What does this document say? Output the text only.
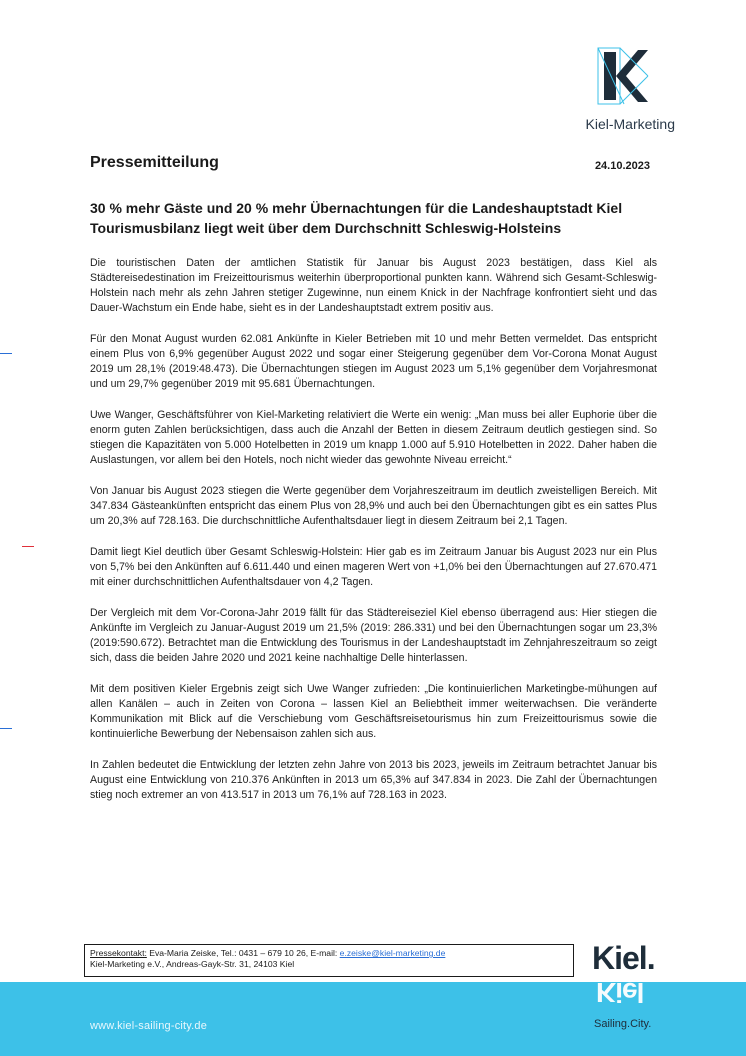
Kiel-Marketing
Pressemitteilung	24.10.2023
30 % mehr Gäste und 20 % mehr Übernachtungen für die Landeshauptstadt Kiel
Tourismusbilanz liegt weit über dem Durchschnitt Schleswig-Holsteins

Die touristischen Daten der amtlichen Statistik für Januar bis August 2023 bestätigen, dass Kiel als Städtereisedestination im Freizeittourismus weiterhin überproportional punkten kann. Während sich Gesamt-Schleswig-Holstein nach mehr als zehn Jahren stetiger Zugewinne, nun einem Knick in der Nachfrage konfrontiert sieht und das Dauer-Wachstum ein Ende habe, sieht es in der Landeshauptstadt extrem positiv aus.

Für den Monat August wurden 62.081 Ankünfte in Kieler Betrieben mit 10 und mehr Betten vermeldet. Das entspricht einem Plus von 6,9% gegenüber August 2022 und sogar einer Steigerung gegenüber dem Vor-Corona Monat August 2019 um 28,1% (2019:48.473). Die Übernachtungen stiegen im August 2023 um 5,1% gegenüber dem Vorjahresmonat und um 29,7% gegenüber 2019 mit 95.681 Übernachtungen.

Uwe Wanger, Geschäftsführer von Kiel-Marketing relativiert die Werte ein wenig: „Man muss bei aller Euphorie über die enorm guten Zahlen berücksichtigen, dass auch die Anzahl der Betten in diesem Zeitraum deutlich gestiegen sind. So stiegen die Kapazitäten von 5.000 Hotelbetten in 2019 um knapp 1.000 auf 5.910 Hotelbetten in 2022. Daher haben die Auslastungen, vor allem bei den Hotels, noch nicht wieder das gewohnte Niveau erreicht.“

Von Januar bis August 2023 stiegen die Werte gegenüber dem Vorjahreszeitraum im deutlich zweistelligen Bereich. Mit 347.834 Gästeankünften entspricht das einem Plus von 28,9% und auch bei den Übernachtungen gibt es ein sattes Plus um 20,3% auf 728.163. Die durchschnittliche Aufenthaltsdauer liegt in diesem Zeitraum bei 2,1 Tagen.

Damit liegt Kiel deutlich über Gesamt Schleswig-Holstein: Hier gab es im Zeitraum Januar bis August 2023 nur ein Plus von 5,7% bei den Ankünften auf 6.611.440 und einen mageren Wert von +1,0% bei den Übernachtungen auf 27.670.471 mit einer durchschnittlichen Aufenthaltsdauer von 4,2 Tagen.

Der Vergleich mit dem Vor-Corona-Jahr 2019 fällt für das Städtereiseziel Kiel ebenso überragend aus: Hier stiegen die Ankünfte im Vergleich zu Januar-August 2019 um 21,5% (2019: 286.331) und bei den Übernachtungen sogar um 23,3% (2019:590.672). Betrachtet man die Entwicklung des Tourismus in der Landeshauptstadt im Zehnjahreszeitraum so zeigt sich, dass die beiden Jahre 2020 und 2021 keine nachhaltige Delle hinterlassen.

Mit dem positiven Kieler Ergebnis zeigt sich Uwe Wanger zufrieden: „Die kontinuierlichen Marketingbe-mühungen auf allen Kanälen – auch in Zeiten von Corona – lassen Kiel an Beliebtheit immer weiterwachsen. Die veränderte Kommunikation mit Blick auf die Verschiebung vom Geschäftsreisetourismus hin zum Freizeittourismus sowie die kontinuierliche Bewerbung der Nebensaison zahlen sich aus.

In Zahlen bedeutet die Entwicklung der letzten zehn Jahre von 2013 bis 2023, jeweils im Zeitraum betrachtet Januar bis August eine Entwicklung von 210.376 Ankünften in 2013 um 65,3% auf 347.834 in 2023. Die Zahl der Übernachtungen stieg noch extremer an von 413.517 in 2013 um 76,1% auf 728.163 in 2023.

www.kiel-sailing-city.de
Pressekontakt: Eva-Maria Zeiske, Tel.: 0431 – 679 10 26, E-mail: e.zeiske@kiel-marketing.de
Kiel-Marketing e.V., Andreas-Gayk-Str. 31, 24103 Kiel	Kiel.
Kiel
Sailing.City.
